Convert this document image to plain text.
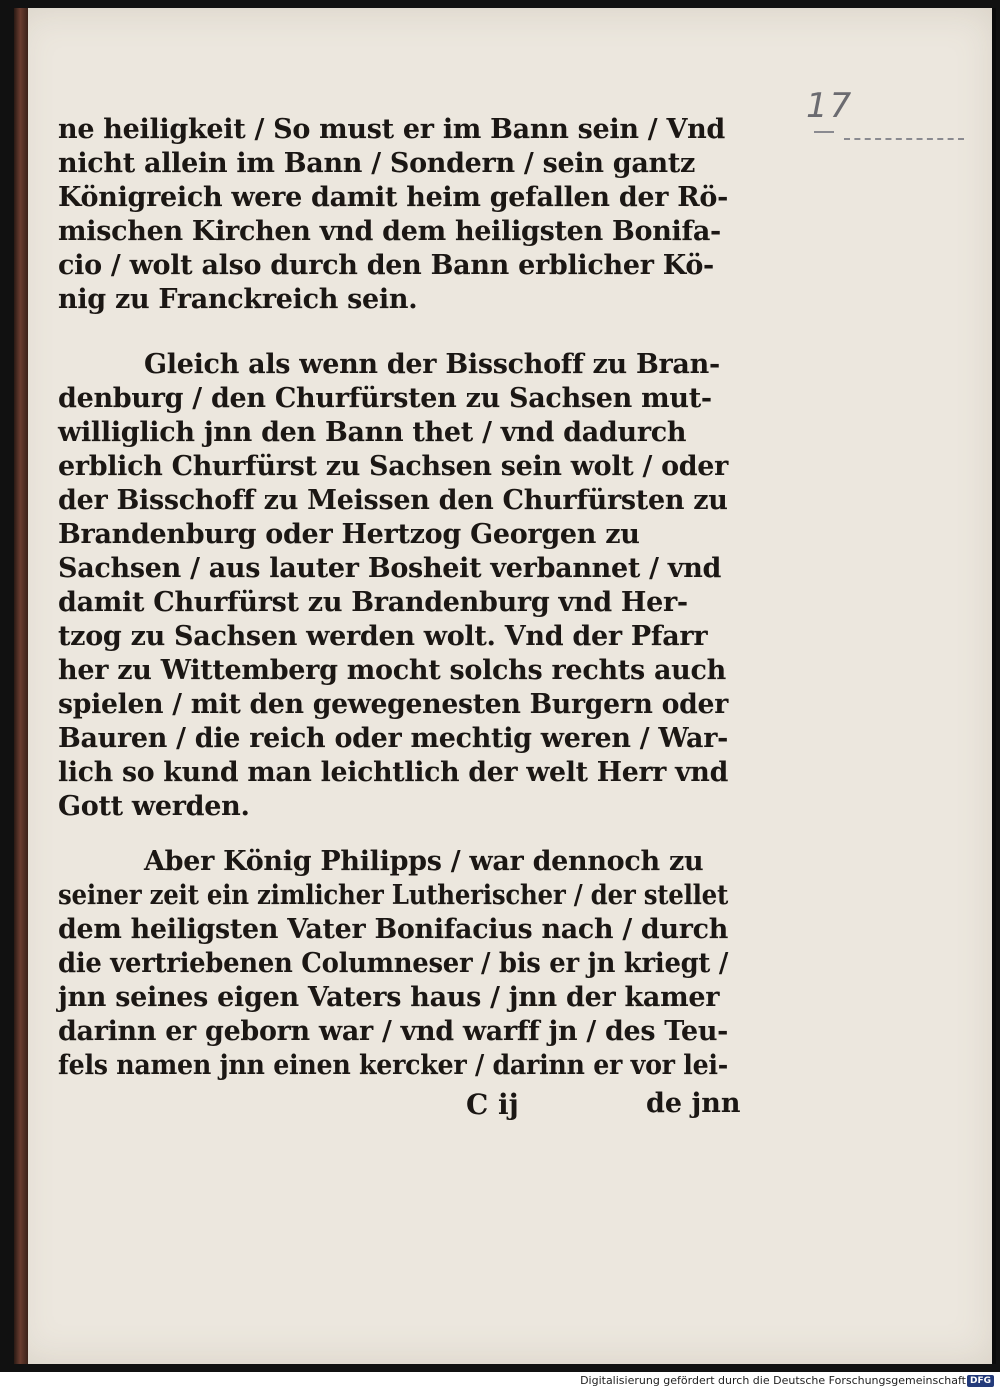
17
ne heiligkeit / So must er im Bann sein / Vnd
nicht allein im Bann / Sondern / sein gantz
Königreich were damit heim gefallen der Rö-
mischen Kirchen vnd dem heiligsten Bonifa-
cio / wolt also durch den Bann erblicher Kö-
nig zu Franckreich sein.
Gleich als wenn der Bisschoff zu Bran-
denburg / den Churfürsten zu Sachsen mut-
williglich jnn den Bann thet / vnd dadurch
erblich Churfürst zu Sachsen sein wolt / oder
der Bisschoff zu Meissen den Churfürsten zu
Brandenburg oder Hertzog Georgen zu
Sachsen / aus lauter Bosheit verbannet / vnd
damit Churfürst zu Brandenburg vnd Her-
tzog zu Sachsen werden wolt. Vnd der Pfarr
her zu Wittemberg mocht solchs rechts auch
spielen / mit den gewegenesten Burgern oder
Bauren / die reich oder mechtig weren / War-
lich so kund man leichtlich der welt Herr vnd
Gott werden.
Aber König Philipps / war dennoch zu
seiner zeit ein zimlicher Lutherischer / der stellet
dem heiligsten Vater Bonifacius nach / durch
die vertriebenen Columneser / bis er jn kriegt /
jnn seines eigen Vaters haus / jnn der kamer
darinn er geborn war / vnd warff jn / des Teu-
fels namen jnn einen kercker / darinn er vor lei-
C ij	de jnn
Digitalisierung gefördert durch die Deutsche Forschungsgemeinschaft DFG
